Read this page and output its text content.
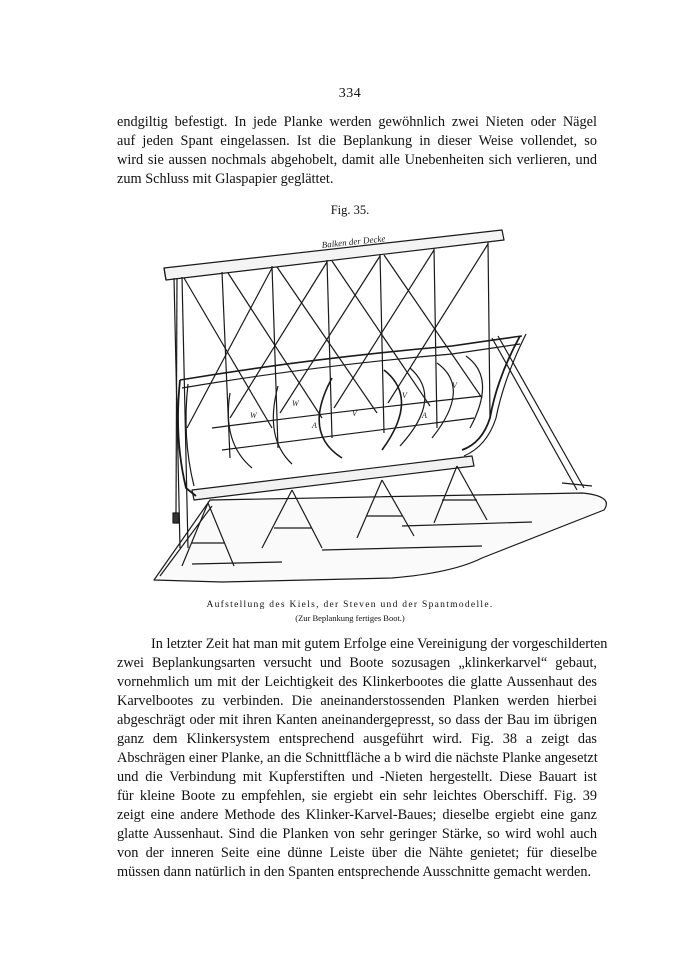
334
endgiltig befestigt. In jede Planke werden gewöhnlich zwei Nieten oder Nägel
auf jeden Spant eingelassen. Ist die Beplankung in dieser Weise vollendet, so
wird sie aussen nochmals abgehobelt, damit alle Unebenheiten sich verlieren, und
zum Schluss mit Glaspapier geglättet.
Fig. 35.
W
W
V
V
V
A
A
Balken der Decke
Aufstellung des Kiels, der Steven und der Spantmodelle.
(Zur Beplankung fertiges Boot.)
In letzter Zeit hat man mit gutem Erfolge eine Vereinigung der vorgeschilderten
zwei Beplankungsarten versucht und Boote sozusagen „klinkerkarvel“ gebaut,
vornehmlich um mit der Leichtigkeit des Klinkerbootes die glatte Aussenhaut des
Karvelbootes zu verbinden. Die aneinanderstossenden Planken werden hierbei
abgeschrägt oder mit ihren Kanten aneinandergepresst, so dass der Bau im übrigen
ganz dem Klinkersystem entsprechend ausgeführt wird. Fig. 38 a zeigt das
Abschrägen einer Planke, an die Schnittfläche a b wird die nächste Planke angesetzt
und die Verbindung mit Kupferstiften und -Nieten hergestellt. Diese Bauart ist
für kleine Boote zu empfehlen, sie ergiebt ein sehr leichtes Oberschiff. Fig. 39
zeigt eine andere Methode des Klinker-Karvel-Baues; dieselbe ergiebt eine ganz
glatte Aussenhaut. Sind die Planken von sehr geringer Stärke, so wird wohl auch
von der inneren Seite eine dünne Leiste über die Nähte genietet; für dieselbe
müssen dann natürlich in den Spanten entsprechende Ausschnitte gemacht werden.
